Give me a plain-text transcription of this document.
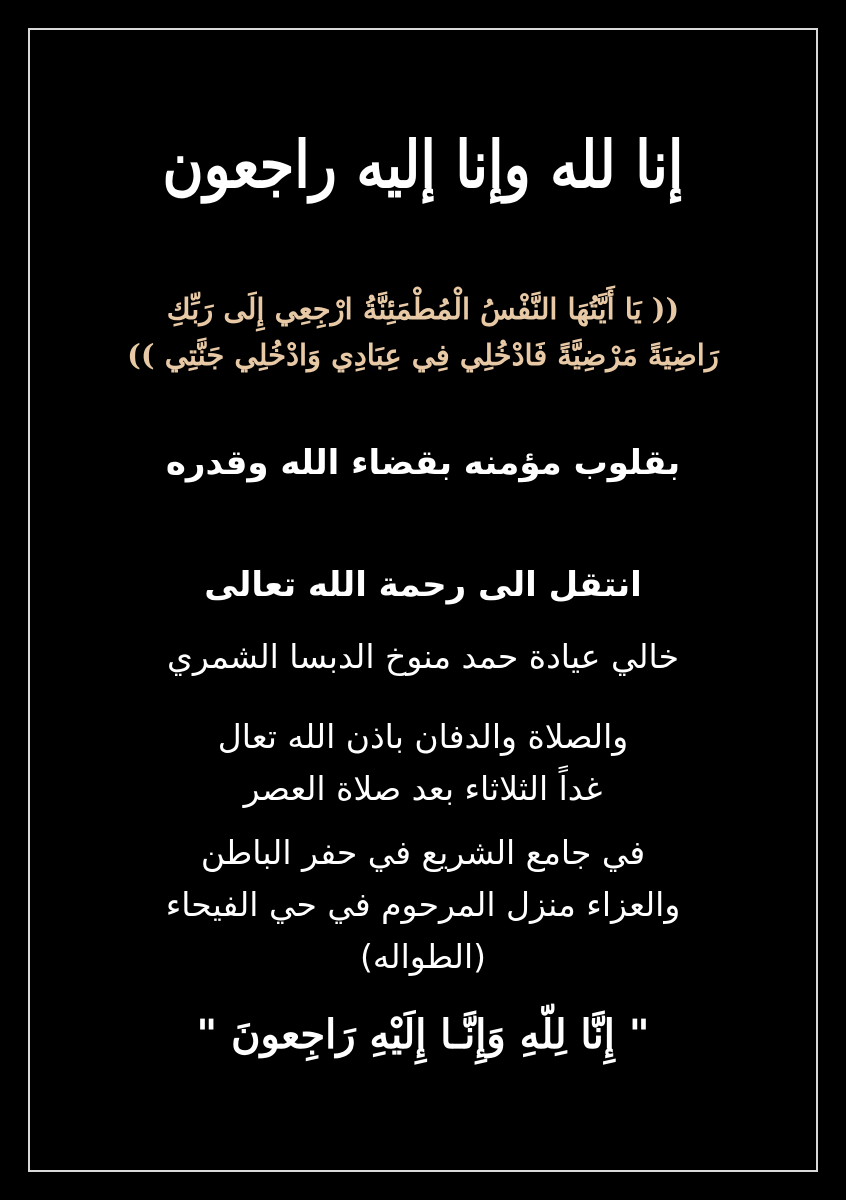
إنا لله وإنا إليه راجعون
(( يَا أَيَّتُهَا النَّفْسُ الْمُطْمَئِنَّةُ ارْجِعِي إِلَى رَبِّكِ
رَاضِيَةً مَرْضِيَّةً فَادْخُلِي فِي عِبَادِي وَادْخُلِي جَنَّتِي ))
بقلوب مؤمنه بقضاء الله وقدره
انتقل الى رحمة الله تعالى
خالي عيادة حمد منوخ الدبسا الشمري
والصلاة والدفان باذن الله تعال
غداً الثلاثاء بعد صلاة العصر
في جامع الشريع في حفر الباطن
والعزاء منزل المرحوم في حي الفيحاء
(الطواله)
" إِنَّا لِلّهِ وَإِنَّـا إِلَيْهِ رَاجِعونَ "
